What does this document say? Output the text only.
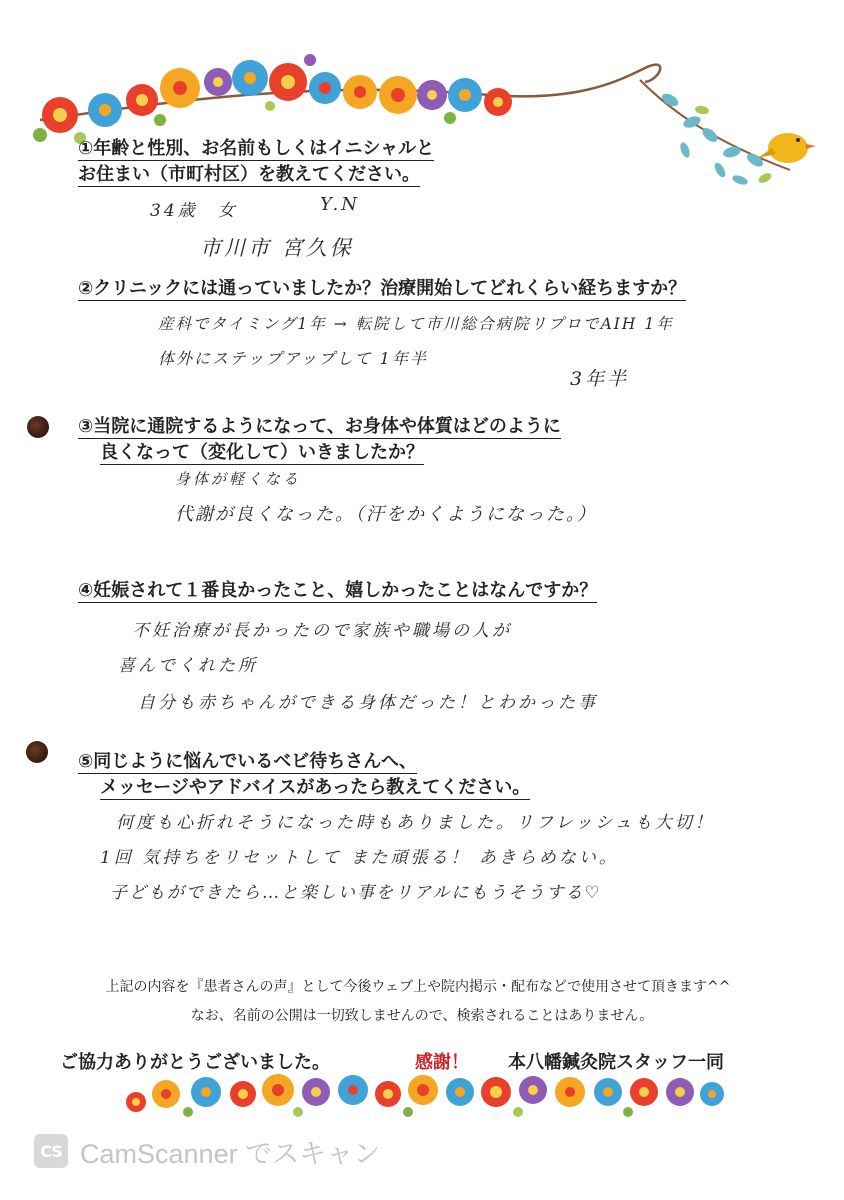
①年齢と性別、お名前もしくはイニシャルと
お住まい（市町村区）を教えてください。
34歳　女	Y.N
市川市 宮久保
②クリニックには通っていましたか？治療開始してどれくらい経ちますか？
産科でタイミング1年 → 転院して市川総合病院リプロでAIH 1年
体外にステップアップして 1年半
3年半
③当院に通院するようになって、お身体や体質はどのように
良くなって（変化して）いきましたか？
身体が軽くなる
代謝が良くなった。（汗をかくようになった。）
④妊娠されて１番良かったこと、嬉しかったことはなんですか？
不妊治療が長かったので家族や職場の人が
喜んでくれた所
自分も赤ちゃんができる身体だった！とわかった事
⑤同じように悩んでいるベビ待ちさんへ、
メッセージやアドバイスがあったら教えてください。
何度も心折れそうになった時もありました。リフレッシュも大切！
1回 気持ちをリセットして また頑張る！ あきらめない。
子どもができたら…と楽しい事をリアルにもうそうする♡
上記の内容を『患者さんの声』として今後ウェブ上や院内掲示・配布などで使用させて頂きます^^
なお、名前の公開は一切致しませんので、検索されることはありません。
ご協力ありがとうございました。	感謝！ 本八幡鍼灸院スタッフ一同
CS CamScanner でスキャン
